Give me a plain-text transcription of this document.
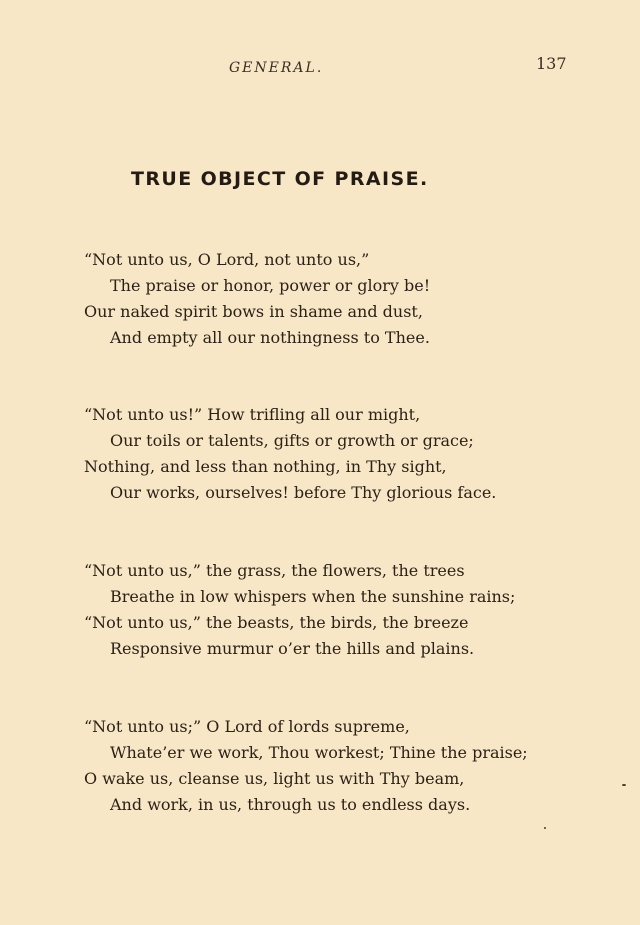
GENERAL.	137
TRUE OBJECT OF PRAISE.
“Not unto us, O Lord, not unto us,”
The praise or honor, power or glory be!
Our naked spirit bows in shame and dust,
And empty all our nothingness to Thee.
“Not unto us!” How trifling all our might,
Our toils or talents, gifts or growth or grace;
Nothing, and less than nothing, in Thy sight,
Our works, ourselves! before Thy glorious face.
“Not unto us,” the grass, the flowers, the trees
Breathe in low whispers when the sunshine rains;
“Not unto us,” the beasts, the birds, the breeze
Responsive murmur o’er the hills and plains.
“Not unto us;” O Lord of lords supreme,
Whate’er we work, Thou workest; Thine the praise;
O wake us, cleanse us, light us with Thy beam,
And work, in us, through us to endless days.
